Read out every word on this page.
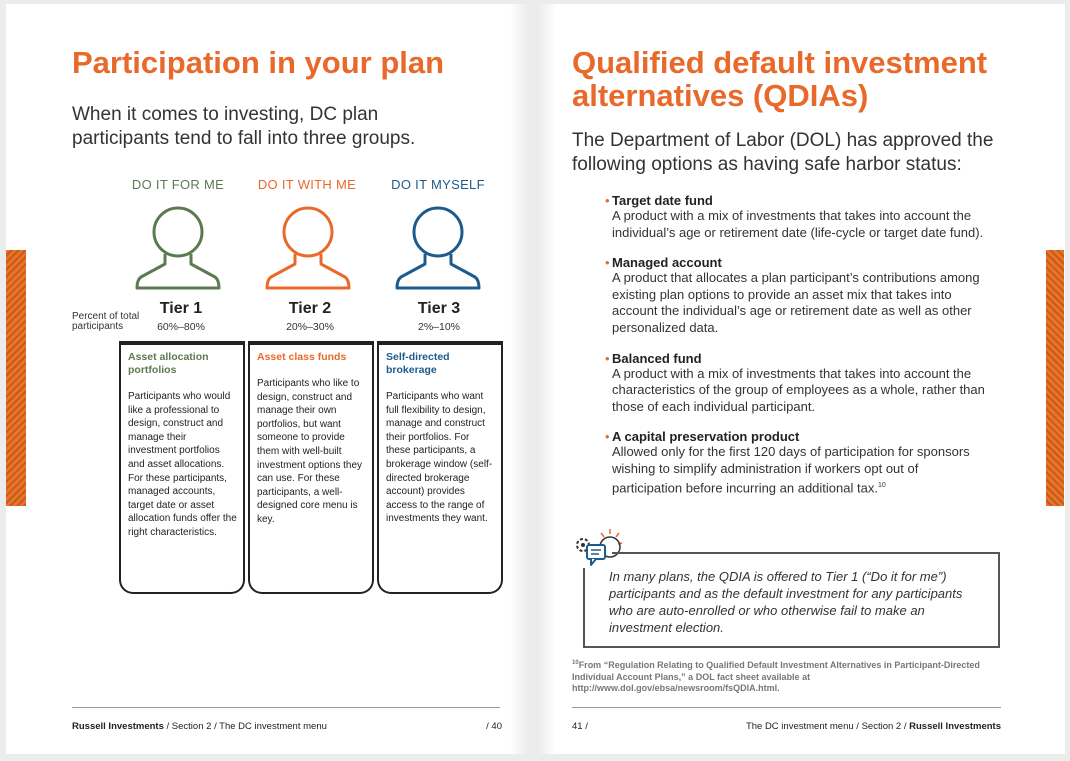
Participation in your plan
When it comes to investing, DC plan
participants tend to fall into three groups.
DO IT FOR ME	DO IT WITH ME	DO IT MYSELF
Percent of total
participants
Tier 1	Tier 2	Tier 3
60%–80%	20%–30%	2%–10%
Asset allocation portfolios
Participants who would like a professional to design, construct and manage their investment portfolios and asset allocations. For these participants, managed accounts, target date or asset allocation funds offer the right characteristics.
Asset class funds
Participants who like to design, construct and manage their own portfolios, but want someone to provide them with well-built investment options they can use. For these participants, a well-designed core menu is key.
Self-directed brokerage
Participants who want full flexibility to design, manage and construct their portfolios. For these participants, a brokerage window (self-directed brokerage account) provides access to the range of investments they want.
Russell Investments / Section 2 / The DC investment menu	/ 40
Qualified default investment
alternatives (QDIAs)
The Department of Labor (DOL) has approved the
following options as having safe harbor status:
• Target date fund
A product with a mix of investments that takes into account the individual’s age or retirement date (life-cycle or target date fund).
• Managed account
A product that allocates a plan participant’s contributions among existing plan options to provide an asset mix that takes into account the individual’s age or retirement date as well as other personalized data.
• Balanced fund
A product with a mix of investments that takes into account the characteristics of the group of employees as a whole, rather than those of each individual participant.
• A capital preservation product
Allowed only for the first 120 days of participation for sponsors wishing to simplify administration if workers opt out of participation before incurring an additional tax.$^{10}$
In many plans, the QDIA is offered to Tier 1 (“Do it for me”) participants and as the default investment for any participants who are auto-enrolled or who otherwise fail to make an investment election.
$^{10}$From “Regulation Relating to Qualified Default Investment Alternatives in Participant-Directed Individual Account Plans,” a DOL fact sheet available at http://www.dol.gov/ebsa/newsroom/fsQDIA.html.
41 /	The DC investment menu / Section 2 / Russell Investments
